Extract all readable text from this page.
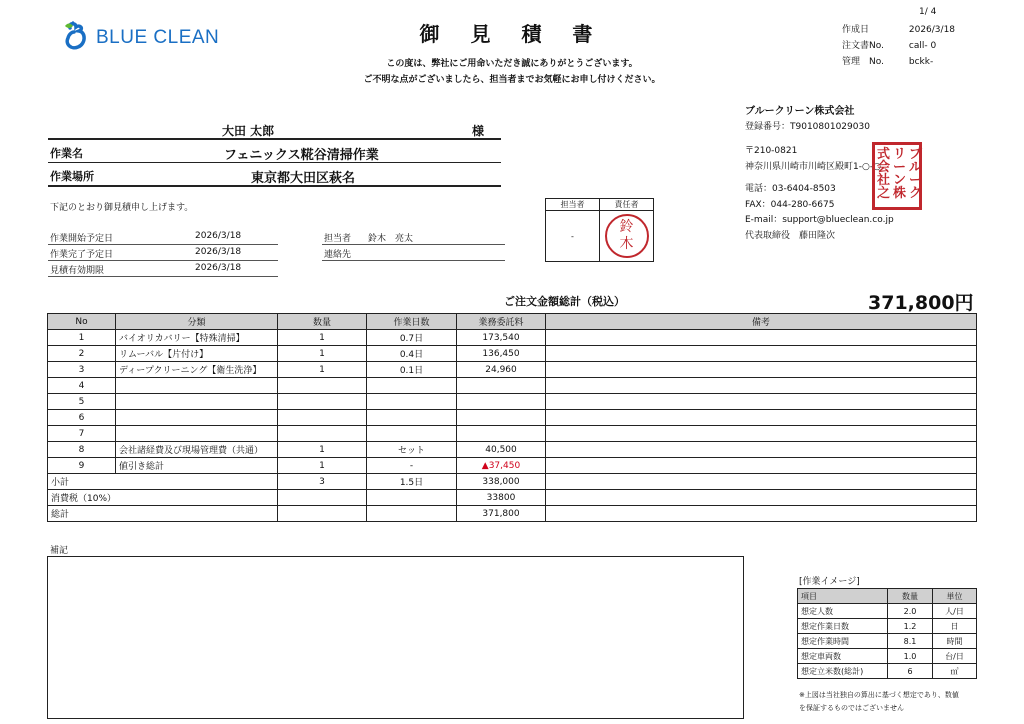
BLUE CLEAN	御 見 積 書
この度は、弊社にご用命いただき誠にありがとうございます。
ご不明な点がございましたら、担当者までお気軽にお申し付けください。
1/ 4
作成日	2026/3/18
注文書No.	call- 0
管理　No.	bckk-
大田 太郎	様
作業名	フェニックス糀谷清掃作業
作業場所	東京都大田区萩名
下記のとおり御見積申し上げます。
作業開始予定日	2026/3/18
作業完了予定日	2026/3/18
見積有効期限	2026/3/18
担当者 鈴木　亮太
連絡先
担当者	責任者
-	鈴
木
ブルークリーン株式会社
登録番号：T9010801029030
〒210-0821
神奈川県川崎市川崎区殿町1-○-○
電話：03-6404-8503
FAX：044-280-6675
E-mail：support@blueclean.co.jp
代表取締役　藤田隆次
ブ
ル
ー
ク
リ
ー
ン
株
式
会
社
之
ご注文金額総計（税込）	371,800円
No	分類	数量	作業日数	業務委託料	備考
1	バイオリカバリー【特殊清掃】	1	0.7日	173,540	
2	リムーバル【片付け】	1	0.4日	136,450	
3	ディープクリーニング【衛生洗浄】	1	0.1日	24,960	
4					
5					
6					
7					
8	会社諸経費及び現場管理費（共通）	1	セット	40,500	
9	値引き総計	1	-	▲37,450	
小計		3	1.5日	338,000	
消費税（10%）				33800	
総計				371,800	
補記
[作業イメージ]
項目	数量	単位
想定人数	2.0	人/日
想定作業日数	1.2	日
想定作業時間	8.1	時間
想定車両数	1.0	台/日
想定立米数(総計)	6	㎥
※上図は当社独自の算出に基づく想定であり、数値
を保証するものではございません
